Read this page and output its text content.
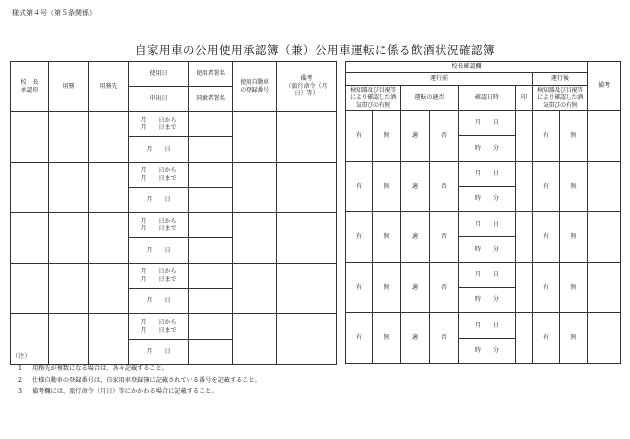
様式第４号（第５条関係）
自家用車の公用使用承認簿（兼）公用車運転に係る飲酒状況確認簿
校　長
承認印	用務	用務先	使用日	使用者署名	使用自動車
の登録番号	備考
（旅行命令（月
日）等）
			申出日	同乗者署名		
			月　　日から
月　　日まで			
			月　　日			
			月　　日から
月　　日まで			
			月　　日			
			月　　日から
月　　日まで			
			月　　日			
			月　　日から
月　　日まで			
			月　　日			
			月　　日から
月　　日まで			
			月　　日			
校長確認欄								備考
運行前						運行後		
検知器及び目視等
により確認した酒
気帯びの有無		運転の適否		確認日時	印	検知器及び目視等
により確認した酒
気帯びの有無		
有	無	適	否	月　　日		有	無	
				時　　分				
有	無	適	否	月　　日		有	無	
				時　　分				
有	無	適	否	月　　日		有	無	
				時　　分				
有	無	適	否	月　　日		有	無	
				時　　分				
有	無	適	否	月　　日		有	無	
				時　　分				
（注）
1 用務先が複数になる場合は、各々記載すること。
2 仕様自動車の登録番号は、自家用車登録簿に記載されている番号を記載すること。
3 備考欄には、旅行命令（月日）等にかかわる場合に記載すること。
